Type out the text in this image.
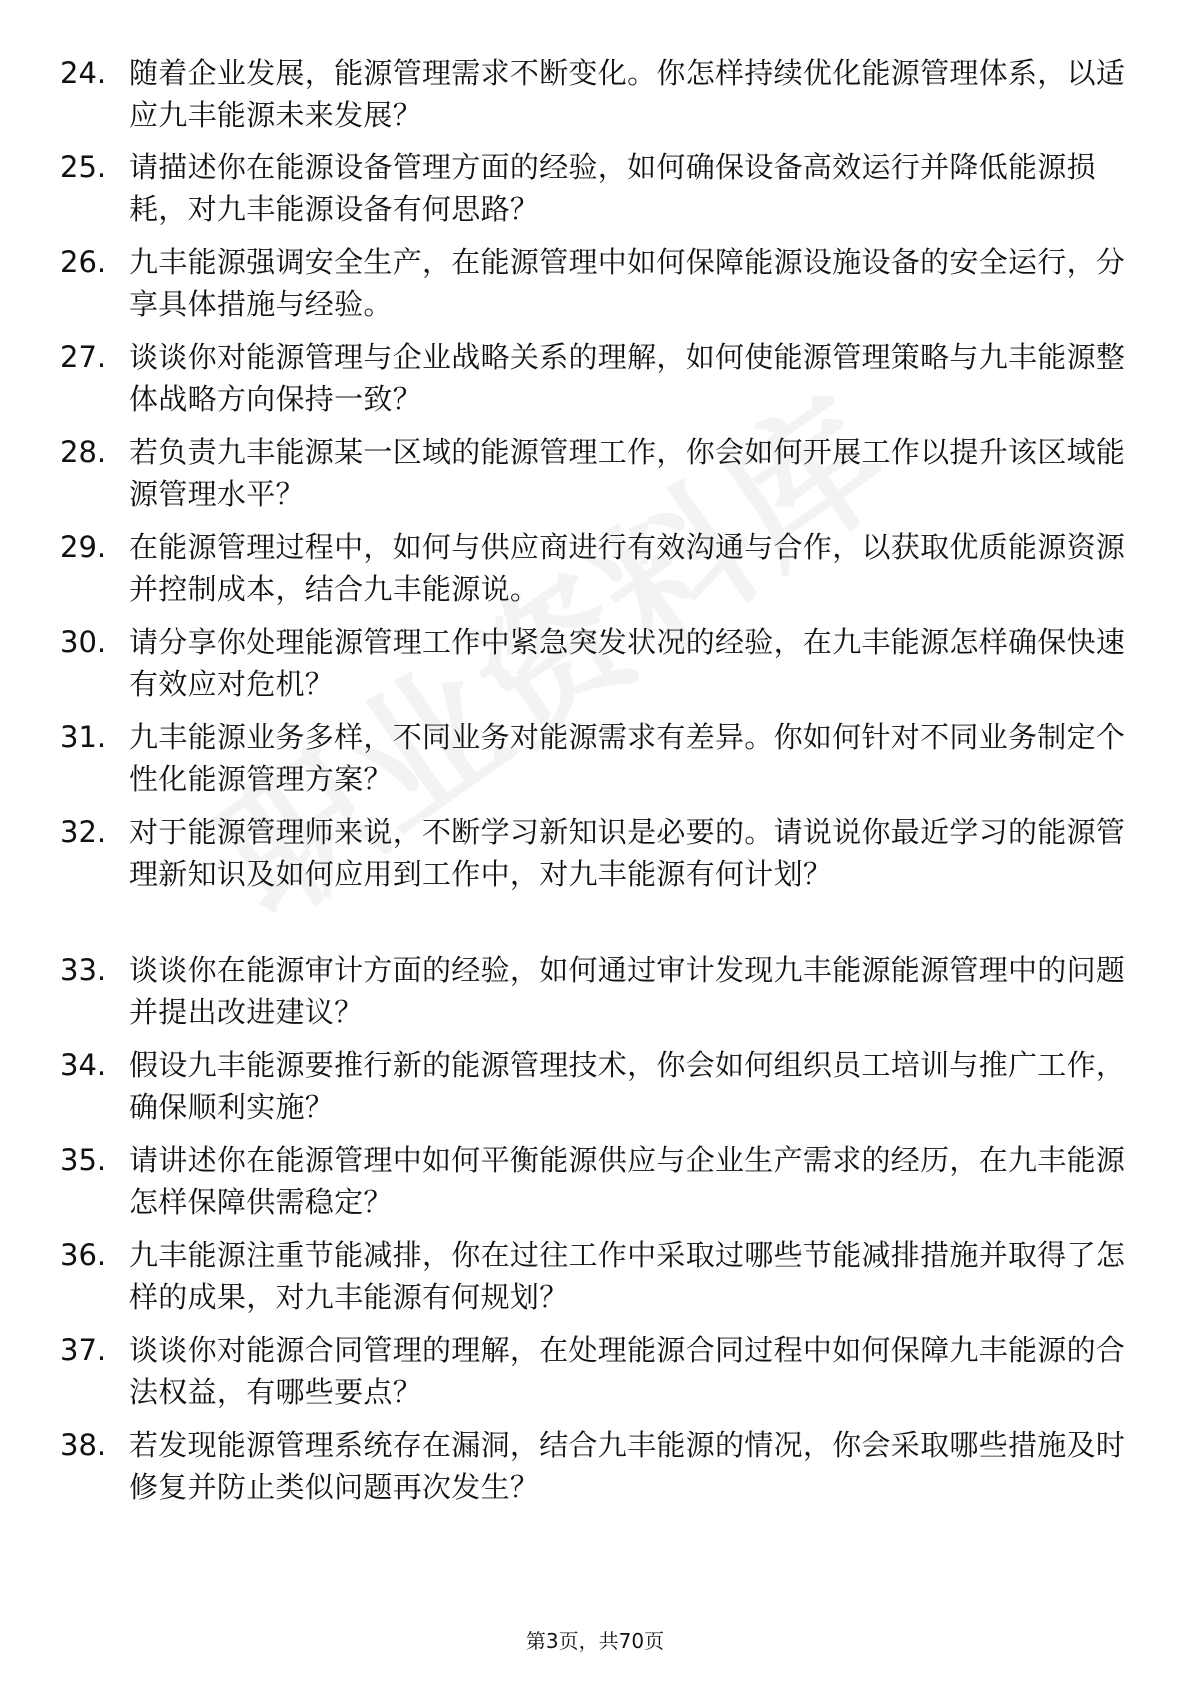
24. 随着企业发展，能源管理需求不断变化。你怎样持续优化能源管理体系，以适应九丰能源未来发展？
25. 请描述你在能源设备管理方面的经验，如何确保设备高效运行并降低能源损耗，对九丰能源设备有何思路？
26. 九丰能源强调安全生产，在能源管理中如何保障能源设施设备的安全运行，分享具体措施与经验。
27. 谈谈你对能源管理与企业战略关系的理解，如何使能源管理策略与九丰能源整体战略方向保持一致？
28. 若负责九丰能源某一区域的能源管理工作，你会如何开展工作以提升该区域能源管理水平？
29. 在能源管理过程中，如何与供应商进行有效沟通与合作，以获取优质能源资源并控制成本，结合九丰能源说。
30. 请分享你处理能源管理工作中紧急突发状况的经验，在九丰能源怎样确保快速有效应对危机？
31. 九丰能源业务多样，不同业务对能源需求有差异。你如何针对不同业务制定个性化能源管理方案？
32. 对于能源管理师来说，不断学习新知识是必要的。请说说你最近学习的能源管理新知识及如何应用到工作中，对九丰能源有何计划？
33. 谈谈你在能源审计方面的经验，如何通过审计发现九丰能源能源管理中的问题并提出改进建议？
34. 假设九丰能源要推行新的能源管理技术，你会如何组织员工培训与推广工作，确保顺利实施？
35. 请讲述你在能源管理中如何平衡能源供应与企业生产需求的经历，在九丰能源怎样保障供需稳定？
36. 九丰能源注重节能减排，你在过往工作中采取过哪些节能减排措施并取得了怎样的成果，对九丰能源有何规划？
37. 谈谈你对能源合同管理的理解，在处理能源合同过程中如何保障九丰能源的合法权益，有哪些要点？
38. 若发现能源管理系统存在漏洞，结合九丰能源的情况，你会采取哪些措施及时修复并防止类似问题再次发生？
第3页，共70页
